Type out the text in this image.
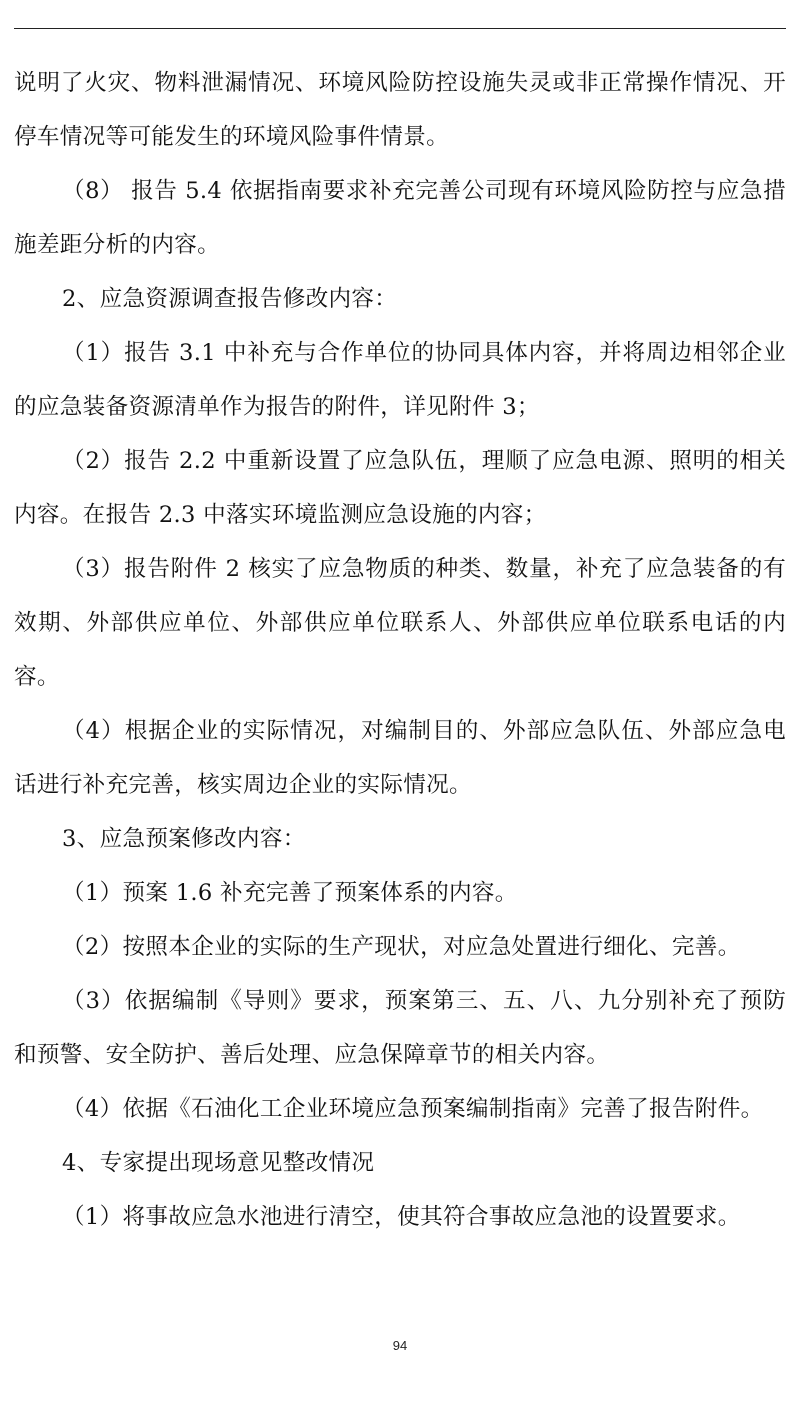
说明了火灾、物料泄漏情况、环境风险防控设施失灵或非正常操作情况、开停车情况等可能发生的环境风险事件情景。

（8） 报告 5.4 依据指南要求补充完善公司现有环境风险防控与应急措施差距分析的内容。

2、应急资源调查报告修改内容：

（1）报告 3.1 中补充与合作单位的协同具体内容，并将周边相邻企业的应急装备资源清单作为报告的附件，详见附件 3；

（2）报告 2.2 中重新设置了应急队伍，理顺了应急电源、照明的相关内容。在报告 2.3 中落实环境监测应急设施的内容；

（3）报告附件 2 核实了应急物质的种类、数量，补充了应急装备的有效期、外部供应单位、外部供应单位联系人、外部供应单位联系电话的内容。

（4）根据企业的实际情况，对编制目的、外部应急队伍、外部应急电话进行补充完善，核实周边企业的实际情况。

3、应急预案修改内容：

（1）预案 1.6 补充完善了预案体系的内容。

（2）按照本企业的实际的生产现状，对应急处置进行细化、完善。

（3）依据编制《导则》要求，预案第三、五、八、九分别补充了预防和预警、安全防护、善后处理、应急保障章节的相关内容。

（4）依据《石油化工企业环境应急预案编制指南》完善了报告附件。

4、专家提出现场意见整改情况

（1）将事故应急水池进行清空，使其符合事故应急池的设置要求。

94
